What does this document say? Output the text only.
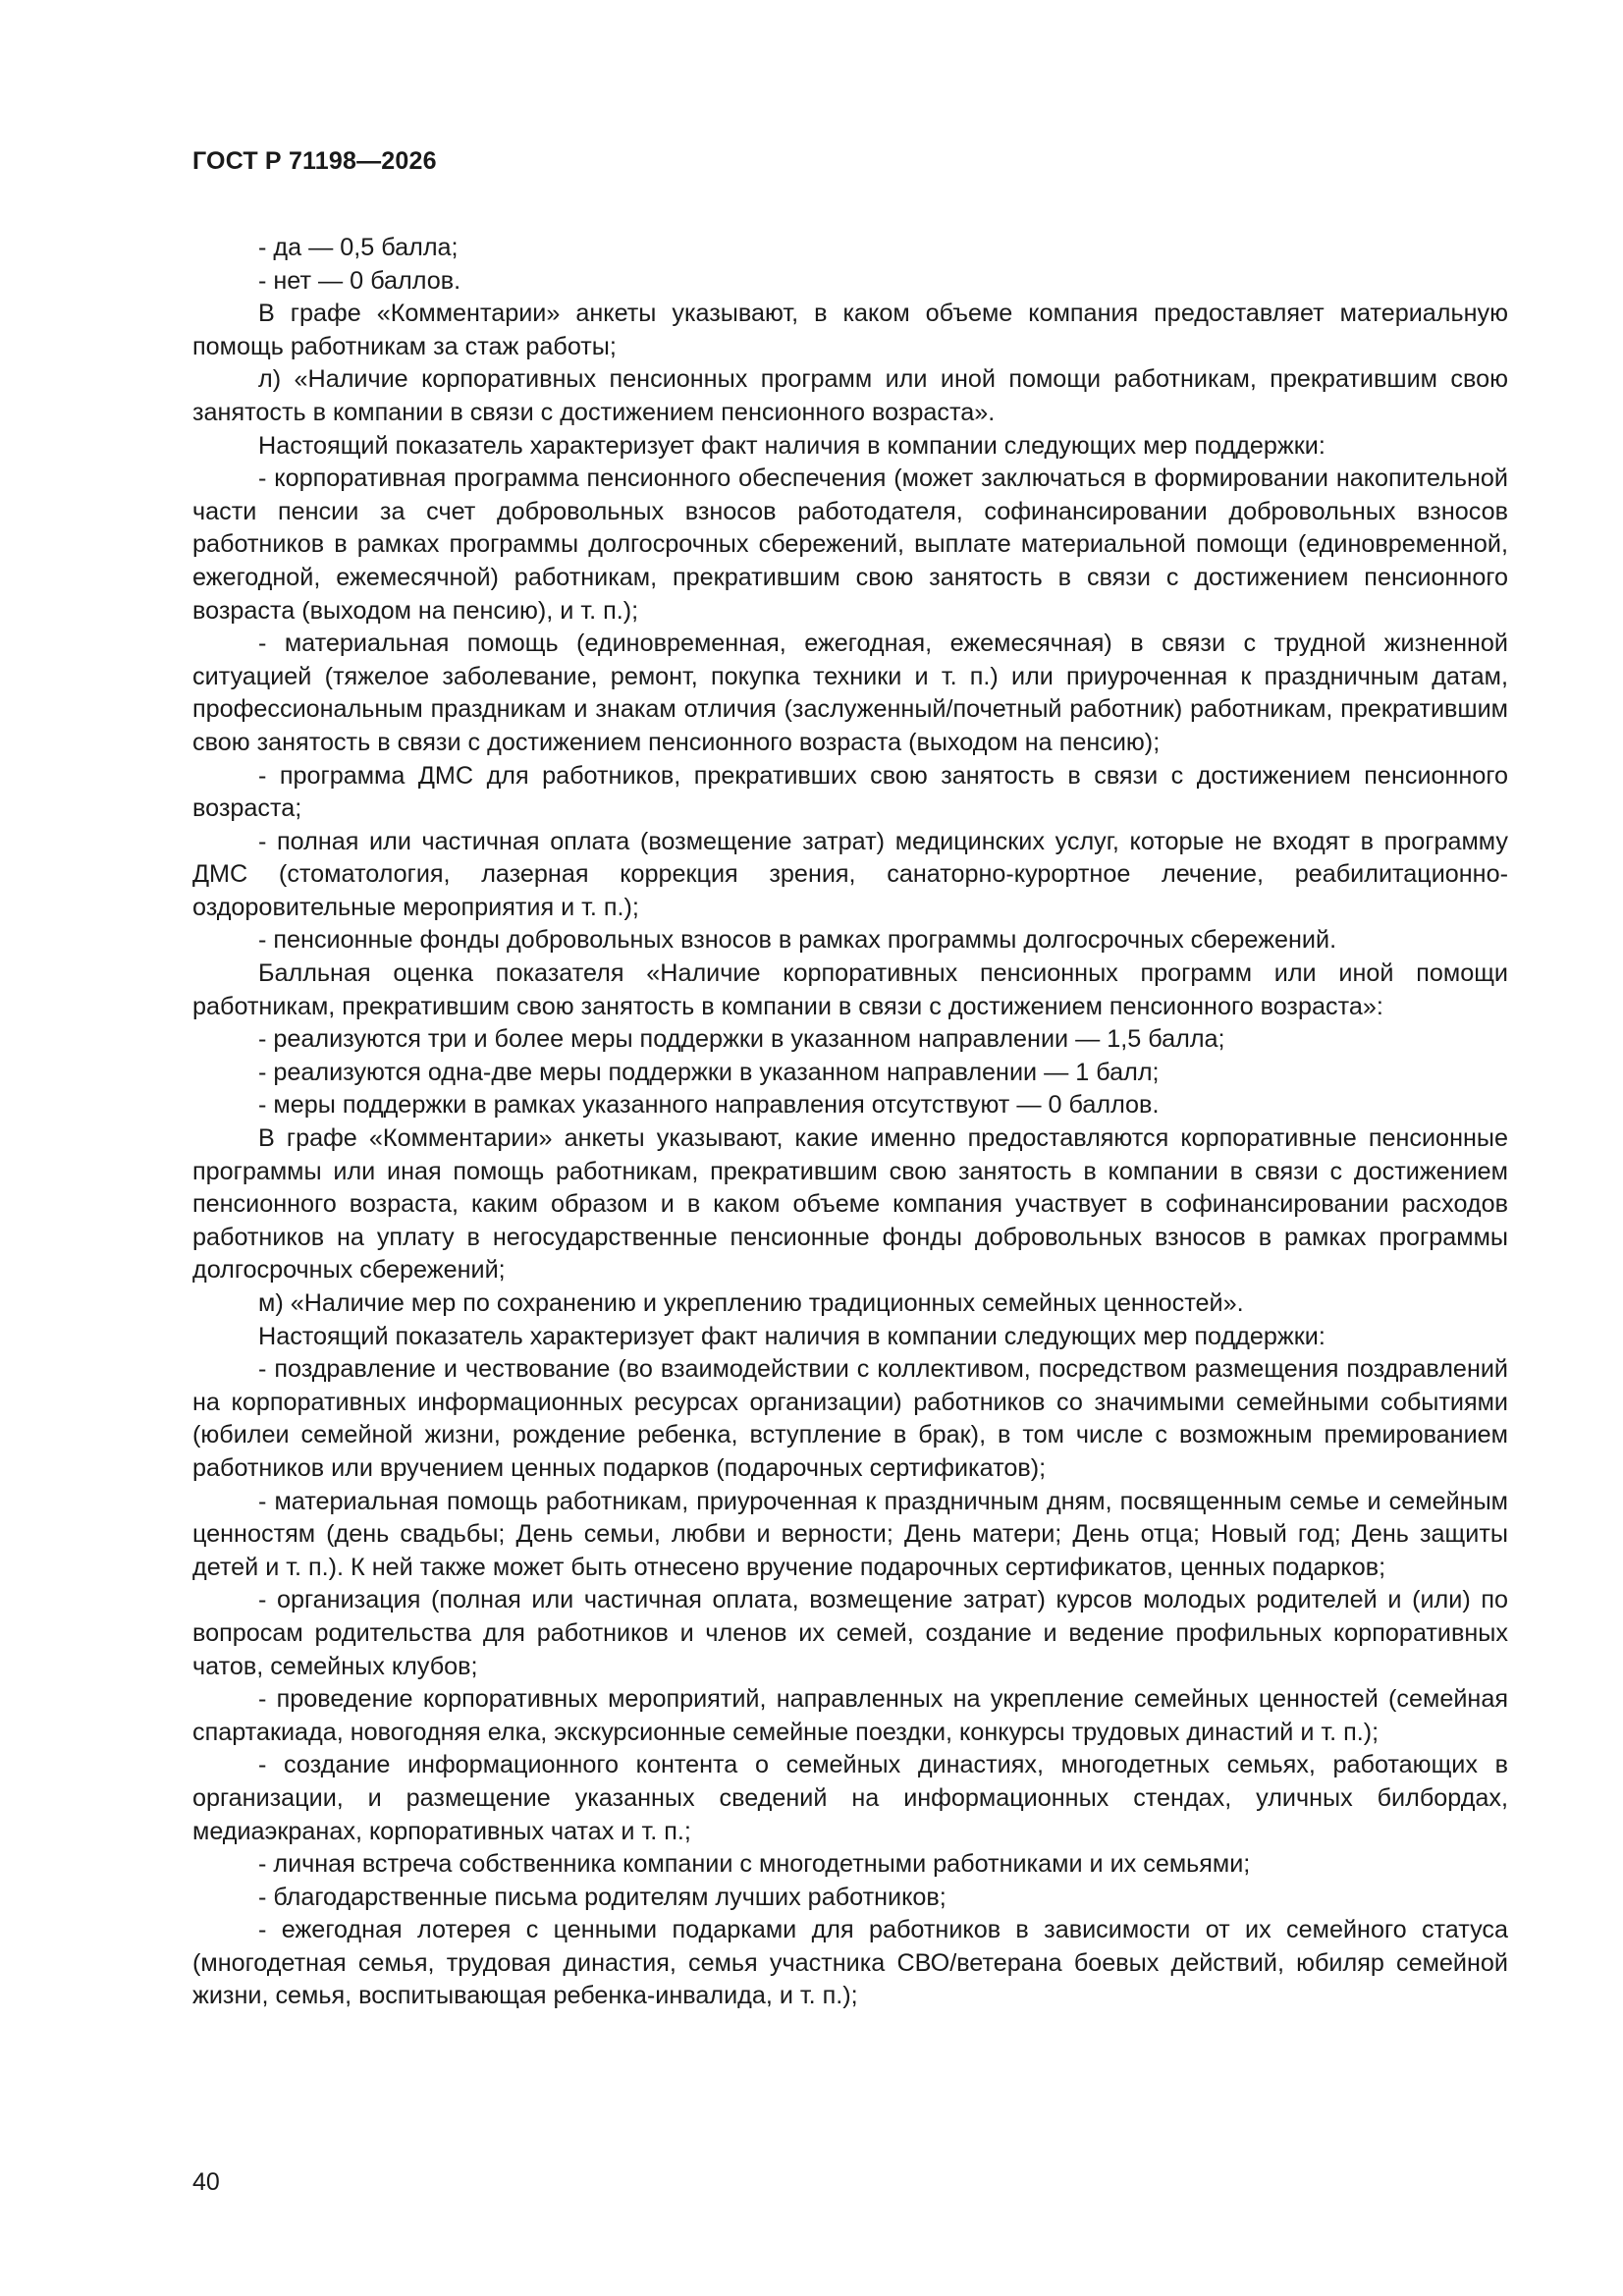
ГОСТ Р 71198—2026

- да — 0,5 балла;

- нет — 0 баллов.

В графе «Комментарии» анкеты указывают, в каком объеме компания предоставляет материальную помощь работникам за стаж работы;

л) «Наличие корпоративных пенсионных программ или иной помощи работникам, прекратившим свою занятость в компании в связи с достижением пенсионного возраста».

Настоящий показатель характеризует факт наличия в компании следующих мер поддержки:

- корпоративная программа пенсионного обеспечения (может заключаться в формировании накопительной части пенсии за счет добровольных взносов работодателя, софинансировании добровольных взносов работников в рамках программы долгосрочных сбережений, выплате материальной помощи (единовременной, ежегодной, ежемесячной) работникам, прекратившим свою занятость в связи с достижением пенсионного возраста (выходом на пенсию), и т. п.);

- материальная помощь (единовременная, ежегодная, ежемесячная) в связи с трудной жизненной ситуацией (тяжелое заболевание, ремонт, покупка техники и т. п.) или приуроченная к праздничным датам, профессиональным праздникам и знакам отличия (заслуженный/почетный работник) работникам, прекратившим свою занятость в связи с достижением пенсионного возраста (выходом на пенсию);

- программа ДМС для работников, прекративших свою занятость в связи с достижением пенсионного возраста;

- полная или частичная оплата (возмещение затрат) медицинских услуг, которые не входят в программу ДМС (стоматология, лазерная коррекция зрения, санаторно-курортное лечение, реабилитационно-оздоровительные мероприятия и т. п.);

- пенсионные фонды добровольных взносов в рамках программы долгосрочных сбережений.

Балльная оценка показателя «Наличие корпоративных пенсионных программ или иной помощи работникам, прекратившим свою занятость в компании в связи с достижением пенсионного возраста»:

- реализуются три и более меры поддержки в указанном направлении — 1,5 балла;

- реализуются одна-две меры поддержки в указанном направлении — 1 балл;

- меры поддержки в рамках указанного направления отсутствуют — 0 баллов.

В графе «Комментарии» анкеты указывают, какие именно предоставляются корпоративные пенсионные программы или иная помощь работникам, прекратившим свою занятость в компании в связи с достижением пенсионного возраста, каким образом и в каком объеме компания участвует в софинансировании расходов работников на уплату в негосударственные пенсионные фонды добровольных взносов в рамках программы долгосрочных сбережений;

м) «Наличие мер по сохранению и укреплению традиционных семейных ценностей».

Настоящий показатель характеризует факт наличия в компании следующих мер поддержки:

- поздравление и чествование (во взаимодействии с коллективом, посредством размещения поздравлений на корпоративных информационных ресурсах организации) работников со значимыми семейными событиями (юбилеи семейной жизни, рождение ребенка, вступление в брак), в том числе с возможным премированием работников или вручением ценных подарков (подарочных сертификатов);

- материальная помощь работникам, приуроченная к праздничным дням, посвященным семье и семейным ценностям (день свадьбы; День семьи, любви и верности; День матери; День отца; Новый год; День защиты детей и т. п.). К ней также может быть отнесено вручение подарочных сертификатов, ценных подарков;

- организация (полная или частичная оплата, возмещение затрат) курсов молодых родителей и (или) по вопросам родительства для работников и членов их семей, создание и ведение профильных корпоративных чатов, семейных клубов;

- проведение корпоративных мероприятий, направленных на укрепление семейных ценностей (семейная спартакиада, новогодняя елка, экскурсионные семейные поездки, конкурсы трудовых династий и т. п.);

- создание информационного контента о семейных династиях, многодетных семьях, работающих в организации, и размещение указанных сведений на информационных стендах, уличных билбордах, медиаэкранах, корпоративных чатах и т. п.;

- личная встреча собственника компании с многодетными работниками и их семьями;

- благодарственные письма родителям лучших работников;

- ежегодная лотерея с ценными подарками для работников в зависимости от их семейного статуса (многодетная семья, трудовая династия, семья участника СВО/ветерана боевых действий, юбиляр семейной жизни, семья, воспитывающая ребенка-инвалида, и т. п.);

40
